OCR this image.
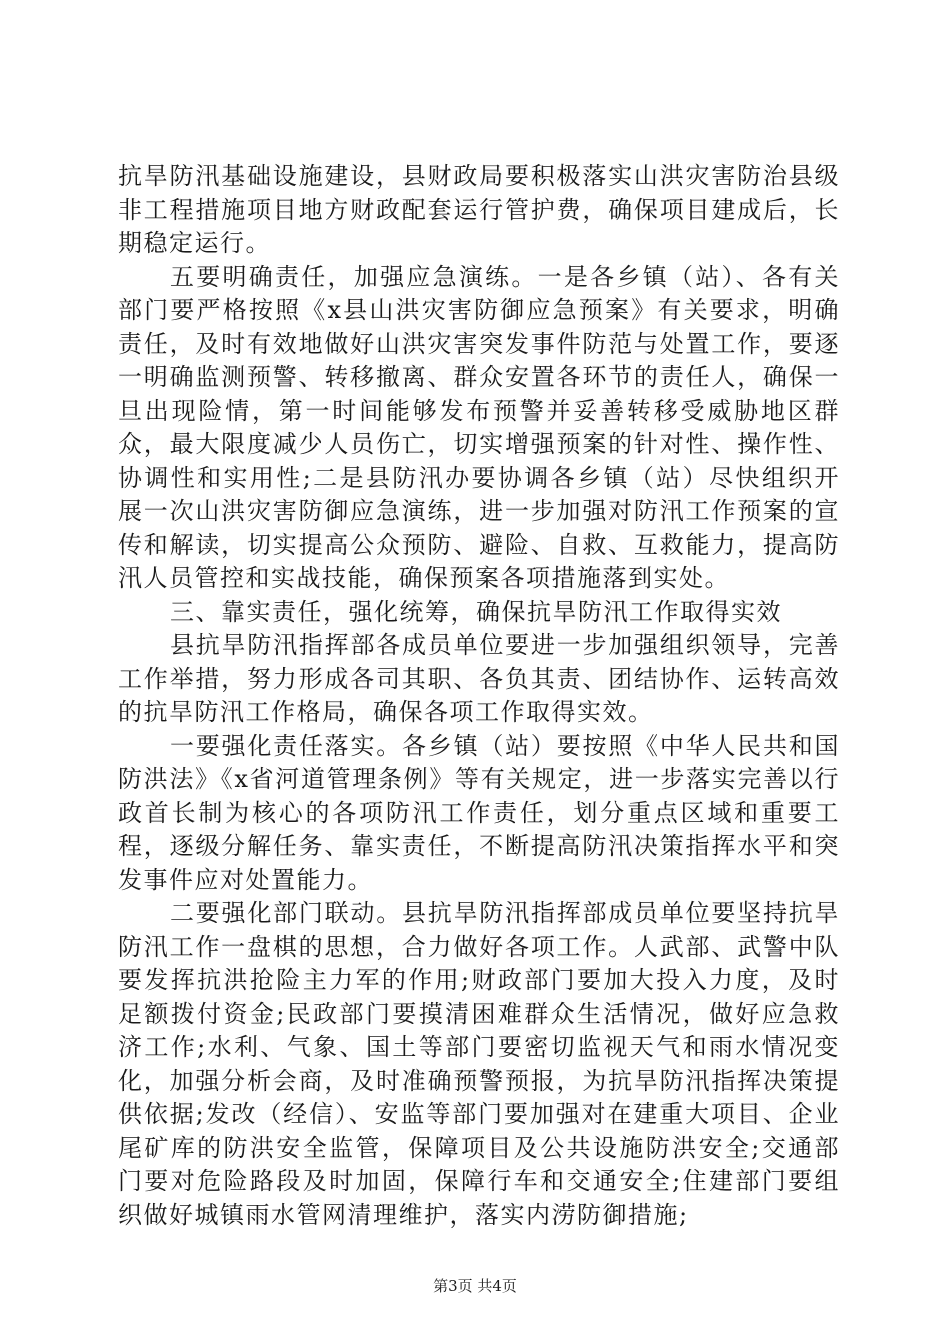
抗旱防汛基础设施建设，县财政局要积极落实山洪灾害防治县级非工程措施项目地方财政配套运行管护费，确保项目建成后，长期稳定运行。

五要明确责任，加强应急演练。一是各乡镇（站）、各有关部门要严格按照《x县山洪灾害防御应急预案》有关要求，明确责任，及时有效地做好山洪灾害突发事件防范与处置工作，要逐一明确监测预警、转移撤离、群众安置各环节的责任人，确保一旦出现险情，第一时间能够发布预警并妥善转移受威胁地区群众，最大限度减少人员伤亡，切实增强预案的针对性、操作性、协调性和实用性;二是县防汛办要协调各乡镇（站）尽快组织开展一次山洪灾害防御应急演练，进一步加强对防汛工作预案的宣传和解读，切实提高公众预防、避险、自救、互救能力，提高防汛人员管控和实战技能，确保预案各项措施落到实处。

三、靠实责任，强化统筹，确保抗旱防汛工作取得实效

县抗旱防汛指挥部各成员单位要进一步加强组织领导，完善工作举措，努力形成各司其职、各负其责、团结协作、运转高效的抗旱防汛工作格局，确保各项工作取得实效。

一要强化责任落实。各乡镇（站）要按照《中华人民共和国防洪法》《x省河道管理条例》等有关规定，进一步落实完善以行政首长制为核心的各项防汛工作责任，划分重点区域和重要工程，逐级分解任务、靠实责任，不断提高防汛决策指挥水平和突发事件应对处置能力。

二要强化部门联动。县抗旱防汛指挥部成员单位要坚持抗旱防汛工作一盘棋的思想，合力做好各项工作。人武部、武警中队要发挥抗洪抢险主力军的作用;财政部门要加大投入力度，及时足额拨付资金;民政部门要摸清困难群众生活情况，做好应急救济工作;水利、气象、国土等部门要密切监视天气和雨水情况变化，加强分析会商，及时准确预警预报，为抗旱防汛指挥决策提供依据;发改（经信）、安监等部门要加强对在建重大项目、企业尾矿库的防洪安全监管，保障项目及公共设施防洪安全;交通部门要对危险路段及时加固，保障行车和交通安全;住建部门要组织做好城镇雨水管网清理维护，落实内涝防御措施;

第3页 共4页
